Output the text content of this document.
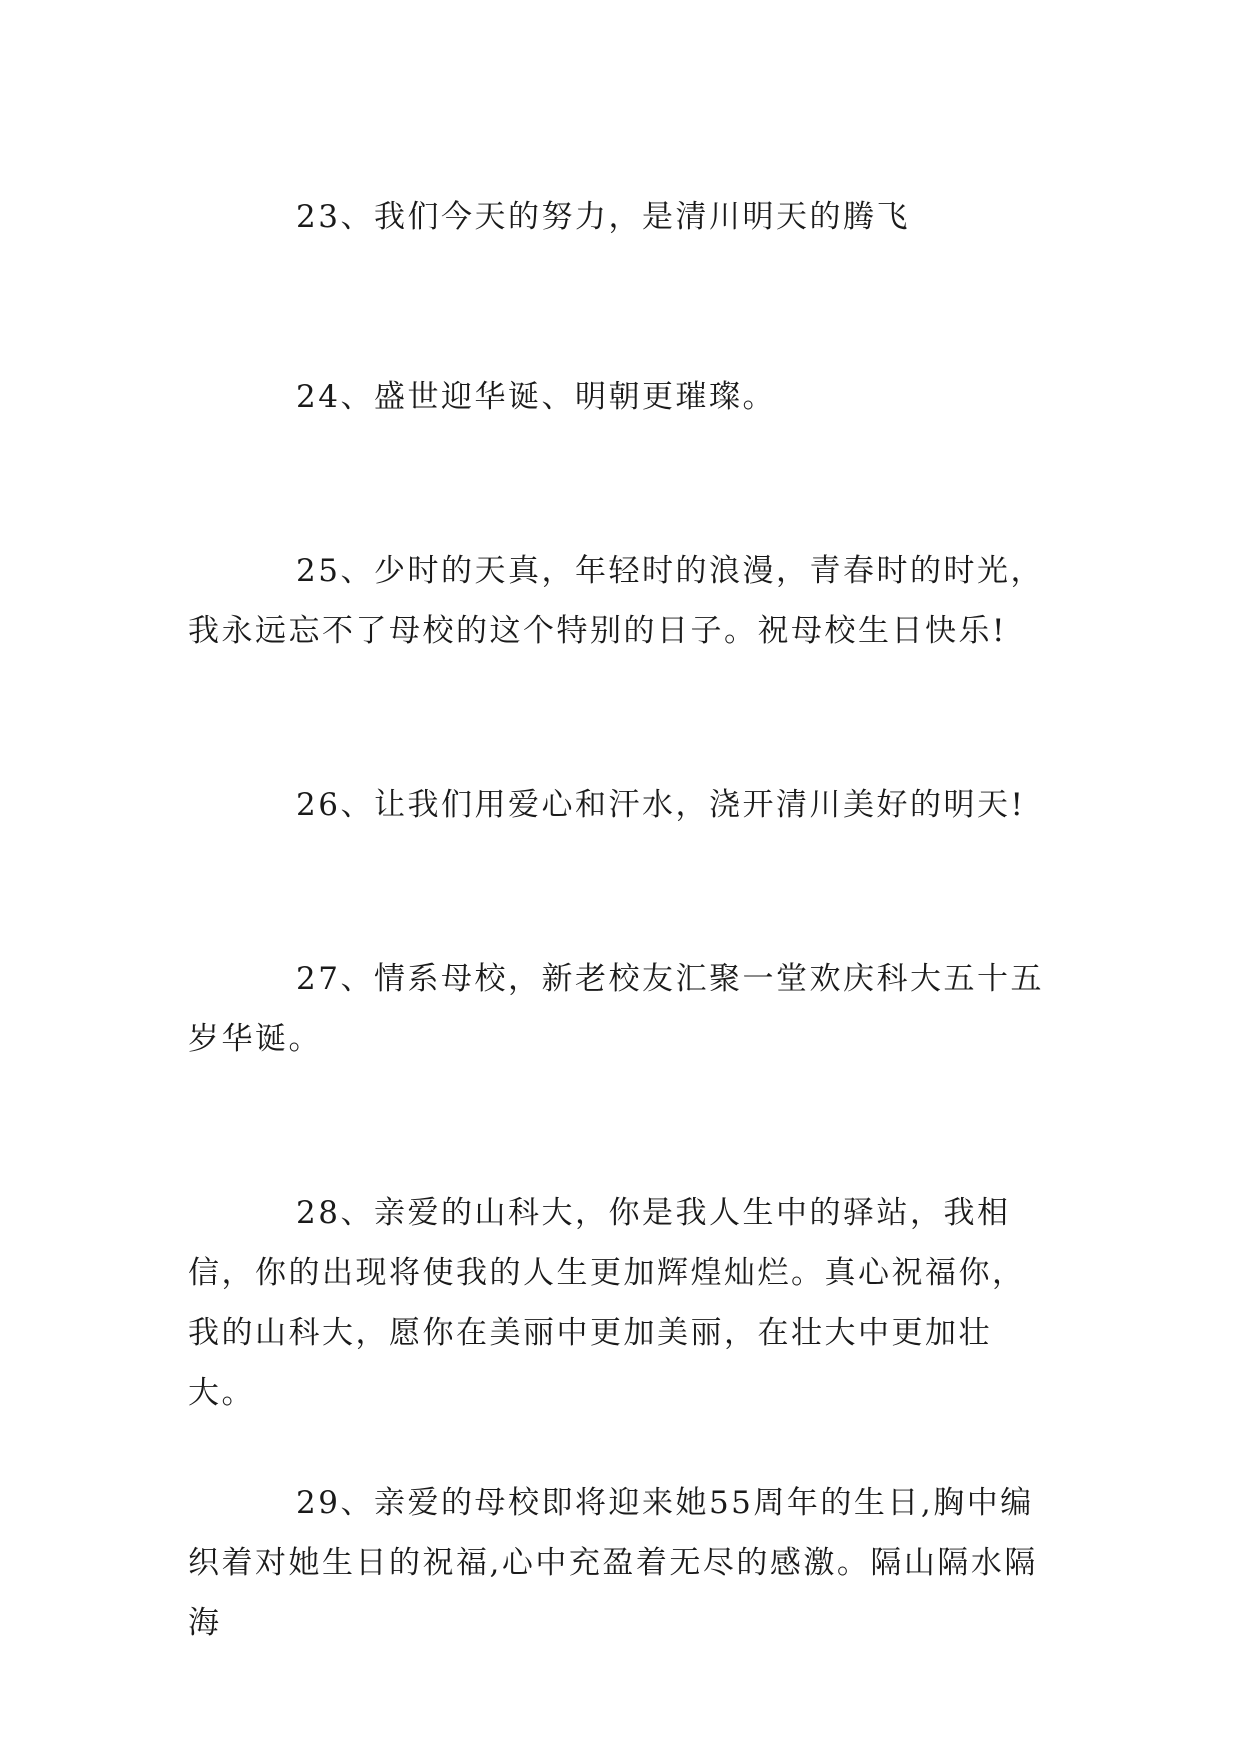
23、我们今天的努力，是清川明天的腾飞

24、盛世迎华诞、明朝更璀璨。

25、少时的天真，年轻时的浪漫，青春时的时光，我永远忘不了母校的这个特别的日子。祝母校生日快乐!

26、让我们用爱心和汗水，浇开清川美好的明天!

27、情系母校，新老校友汇聚一堂欢庆科大五十五岁华诞。

28、亲爱的山科大，你是我人生中的驿站，我相信，你的出现将使我的人生更加辉煌灿烂。真心祝福你，我的山科大，愿你在美丽中更加美丽，在壮大中更加壮大。

29、亲爱的母校即将迎来她55周年的生日,胸中编织着对她生日的祝福,心中充盈着无尽的感激。隔山隔水隔海
